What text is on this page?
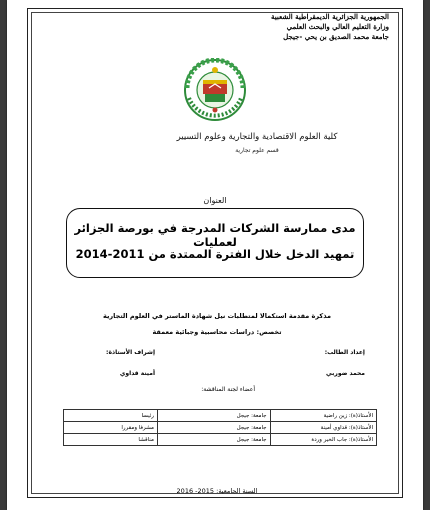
الجمهورية الجزائرية الديمقراطية الشعبية
وزارة التعليم العالي والبحث العلمي
جامعة محمد الصديق بن يحي -جيجل
كلية العلوم الاقتصادية والتجارية وعلوم التسيير
قسم علوم تجارية
العنوان
مدى ممارسة الشركات المدرجة في بورصة الجزائر لعمليات
تمهيد الدخل خلال الفترة الممتدة من 2011-2014
مذكرة مقدمة استكمالا لمتطلبات نيل شهادة الماستر في العلوم التجارية
تخصص: دراسات محاسبية وجبائية معمقة
إعداد الطالب:
إشراف الأستاذة:
محمد ضوربي
أمينة قداوي
أعضاء لجنة المناقشة:
الأستاذ(ة): زين راضية	جامعة: جيجل	رئيسا
الأستاذ(ة): قداوي أمينة	جامعة: جيجل	مشرفا ومقررا
الأستاذ(ة): جاب الخير وردة	جامعة: جيجل	مناقشا
السنة الجامعية: 2015- 2016
